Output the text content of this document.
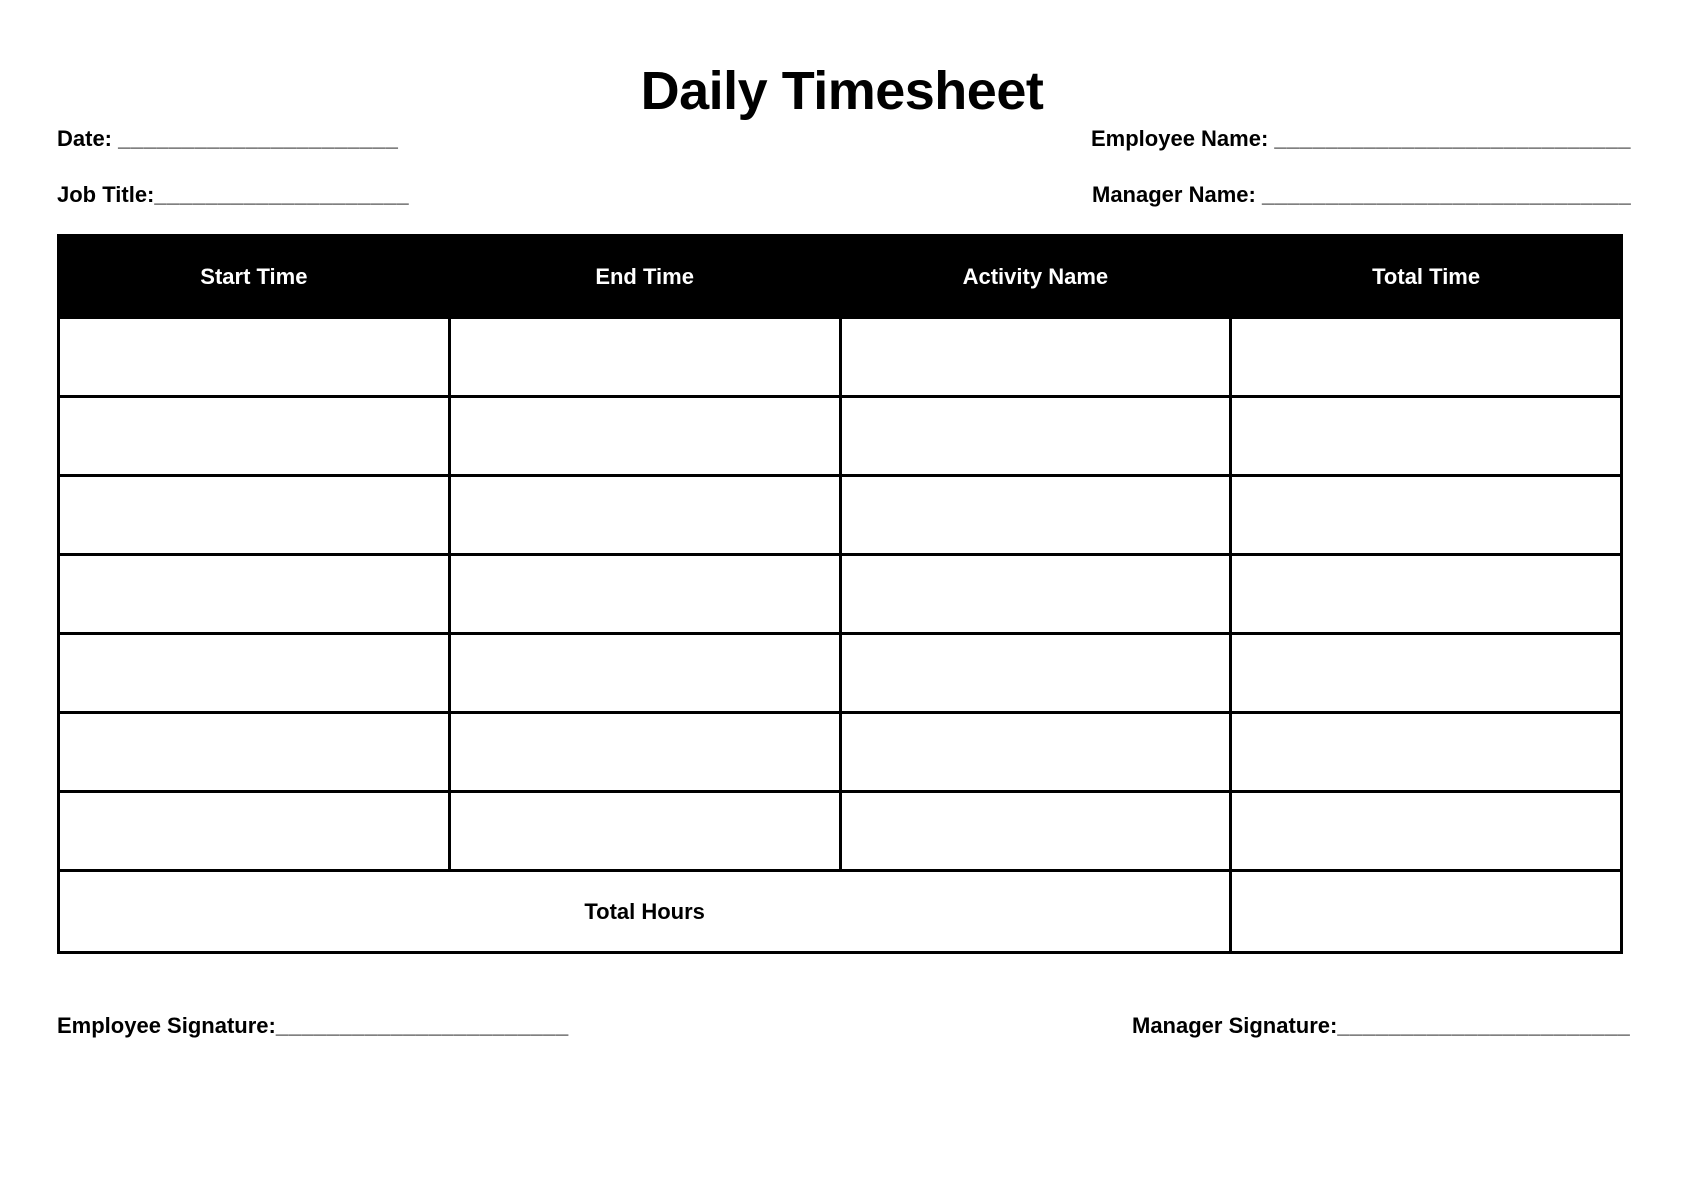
Daily Timesheet
Date: ______________________	Employee Name: ____________________________
Job Title:____________________	Manager Name: _____________________________
Start Time	End Time	Activity Name	Total Time

Total Hours			
Employee Signature:_______________________	Manager Signature:_______________________
